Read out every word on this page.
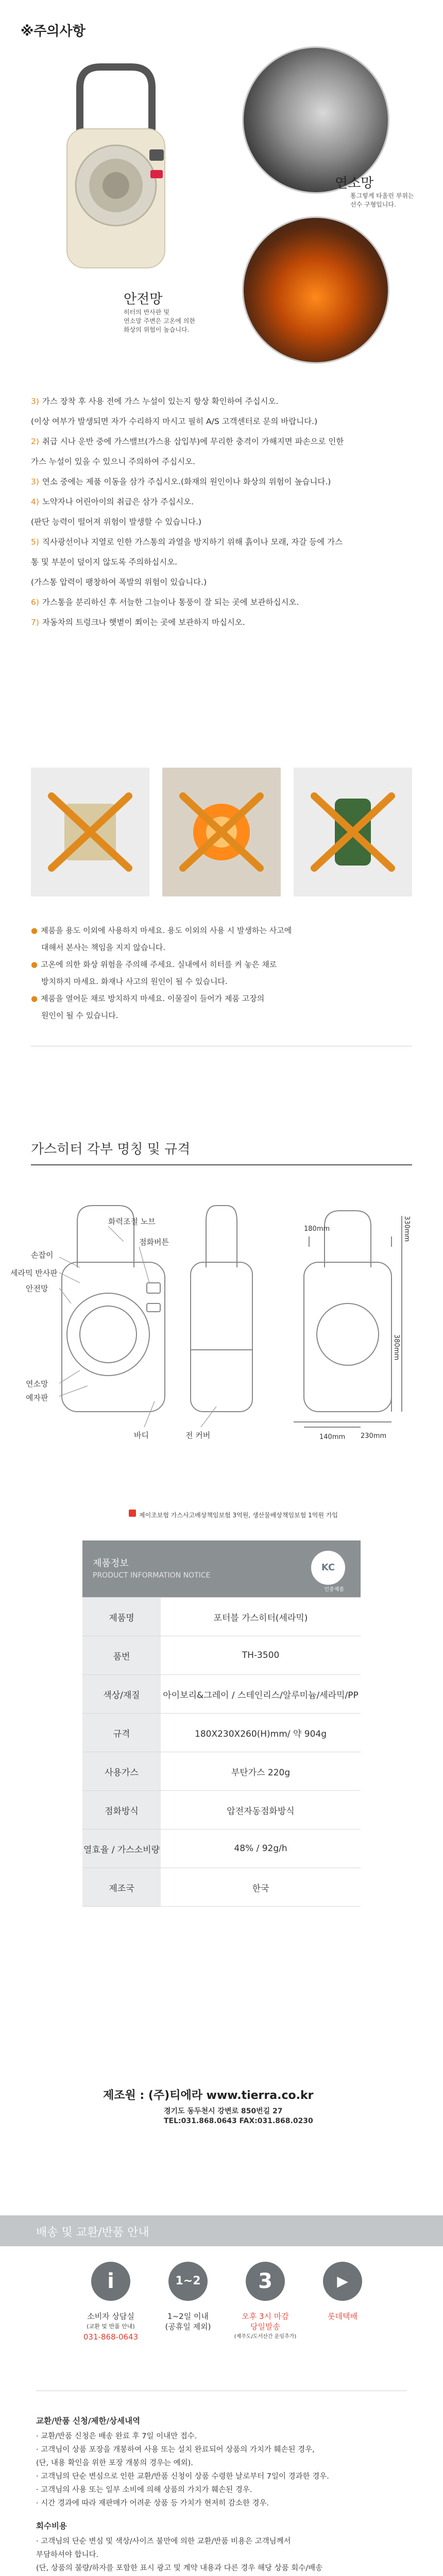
※주의사항
연소망
통그렇게 타올린 부위는
선수 구형입니다.
안전망
히터의 반사판 및
연소망 주변은 고온에 의한
화상의 위험이 높습니다.
3) 가스 장착 후 사용 전에 가스 누설이 있는지 항상 확인하여 주십시오.
(이상 여부가 발생되면 자가 수리하지 마시고 필히 A/S 고객센터로 문의 바랍니다.)
2) 취급 시나 운반 중에 가스밸브(가스용 삽입부)에 무리한 충격이 가해지면 파손으로 인한
가스 누설이 있을 수 있으니 주의하여 주십시오.
3) 연소 중에는 제품 이동을 삼가 주십시오.(화재의 원인이나 화상의 위험이 높습니다.)
4) 노약자나 어린아이의 취급은 삼가 주십시오.
(판단 능력이 떨어져 위험이 발생할 수 있습니다.)
5) 직사광선이나 지열로 인한 가스통의 과열을 방지하기 위해 흙이나 모래, 자갈 등에 가스
통 및 부분이 덮이지 않도록 주의하십시오.
(가스통 압력이 팽창하여 폭발의 위험이 있습니다.)
6) 가스통을 분리하신 후 서늘한 그늘이나 통풍이 잘 되는 곳에 보관하십시오.
7) 자동차의 트렁크나 햇볕이 쬐이는 곳에 보관하지 마십시오.
● 제품을 용도 이외에 사용하지 마세요. 용도 이외의 사용 시 발생하는 사고에
대해서 본사는 책임을 지지 않습니다.
● 고온에 의한 화상 위험을 주의해 주세요. 실내에서 히터를 켜 놓은 채로
방치하지 마세요. 화재나 사고의 원인이 될 수 있습니다.
● 제품을 열어둔 채로 방치하지 마세요. 이물질이 들어가 제품 고장의
원인이 될 수 있습니다.
가스히터 각부 명칭 및 규격
손잡이
세라믹 반사판
안전망
화력조절 노브
점화버튼
연소망
예자판
바디	전 커버
180mm	330mm
380mm
230mm
140mm
제이조보험 가스사고배상책임보험 3억원, 생산물배상책임보험 1억원 가입
제품정보
PRODUCT INFORMATION NOTICE
KC
인증제품
제품명	포터블 가스히터(세라믹)
품번	TH-3500
색상/재질	아이보리&그레이 / 스테인리스/알루미늄/세라믹/PP
규격	180X230X260(H)mm/ 약 904g
사용가스	부탄가스 220g
점화방식	압전자동점화방식
열효율 / 가스소비량	48% / 92g/h
제조국	한국
제조원 : (주)티에라 www.tierra.co.kr
경기도 동두천시 강변로 850번길 27
TEL:031.868.0643 FAX:031.868.0230
배송 및 교환/반품 안내
i
소비자 상담실
(교환 및 반품 안내)
031-868-0643
1~2
1~2일 이내
(공휴일 제외)
3
오후 3시 마감
당일발송
(제주도/도서산간 운임추가)
▶
롯데택배
교환/반품 신청/제한/상세내역
· 교환/반품 신청은 배송 완료 후 7일 이내만 접수.
· 고객님이 상품 포장을 개봉하여 사용 또는 설치 완료되어 상품의 가치가 훼손된 경우,
(단, 내용 확인을 위한 포장 개봉의 경우는 예외).
· 고객님의 단순 변심으로 인한 교환/반품 신청이 상품 수령한 날로부터 7일이 경과한 경우.
· 고객님의 사용 또는 일부 소비에 의해 상품의 가치가 훼손된 경우.
· 시간 경과에 따라 재판매가 어려운 상품 등 가치가 현저히 감소한 경우.
회수비용
· 고객님의 단순 변심 및 색상/사이즈 불만에 의한 교환/반품 비용은 고객님께서
부담하셔야 합니다.
(단, 상품의 불량/하자를 포함한 표시 광고 및 계약 내용과 다른 경우 해당 상품 회수/배송
